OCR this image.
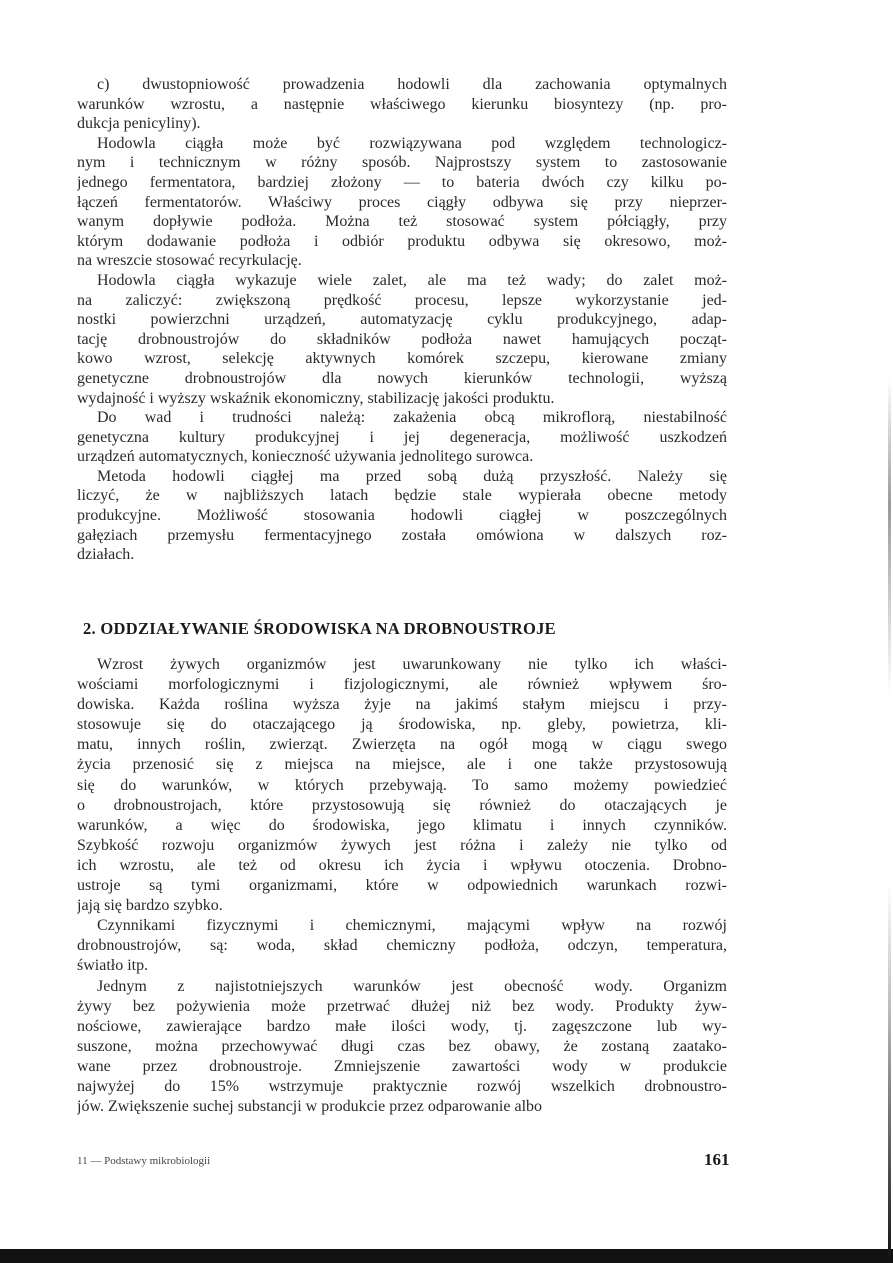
c) dwustopniowość prowadzenia hodowli dla zachowania optymalnych
warunków wzrostu, a następnie właściwego kierunku biosyntezy (np. pro-
dukcja penicyliny).
Hodowla ciągła może być rozwiązywana pod względem technologicz-
nym i technicznym w różny sposób. Najprostszy system to zastosowanie
jednego fermentatora, bardziej złożony — to bateria dwóch czy kilku po-
łączeń fermentatorów. Właściwy proces ciągły odbywa się przy nieprzer-
wanym dopływie podłoża. Można też stosować system półciągły, przy
którym dodawanie podłoża i odbiór produktu odbywa się okresowo, moż-
na wreszcie stosować recyrkulację.
Hodowla ciągła wykazuje wiele zalet, ale ma też wady; do zalet moż-
na zaliczyć: zwiększoną prędkość procesu, lepsze wykorzystanie jed-
nostki powierzchni urządzeń, automatyzację cyklu produkcyjnego, adap-
tację drobnoustrojów do składników podłoża nawet hamujących począt-
kowo wzrost, selekcję aktywnych komórek szczepu, kierowane zmiany
genetyczne drobnoustrojów dla nowych kierunków technologii, wyższą
wydajność i wyższy wskaźnik ekonomiczny, stabilizację jakości produktu.
Do wad i trudności należą: zakażenia obcą mikroflorą, niestabilność
genetyczna kultury produkcyjnej i jej degeneracja, możliwość uszkodzeń
urządzeń automatycznych, konieczność używania jednolitego surowca.
Metoda hodowli ciągłej ma przed sobą dużą przyszłość. Należy się
liczyć, że w najbliższych latach będzie stale wypierała obecne metody
produkcyjne. Możliwość stosowania hodowli ciągłej w poszczególnych
gałęziach przemysłu fermentacyjnego została omówiona w dalszych roz-
działach.
2. ODDZIAŁYWANIE ŚRODOWISKA NA DROBNOUSTROJE
Wzrost żywych organizmów jest uwarunkowany nie tylko ich właści-
wościami morfologicznymi i fizjologicznymi, ale również wpływem śro-
dowiska. Każda roślina wyższa żyje na jakimś stałym miejscu i przy-
stosowuje się do otaczającego ją środowiska, np. gleby, powietrza, kli-
matu, innych roślin, zwierząt. Zwierzęta na ogół mogą w ciągu swego
życia przenosić się z miejsca na miejsce, ale i one także przystosowują
się do warunków, w których przebywają. To samo możemy powiedzieć
o drobnoustrojach, które przystosowują się również do otaczających je
warunków, a więc do środowiska, jego klimatu i innych czynników.
Szybkość rozwoju organizmów żywych jest różna i zależy nie tylko od
ich wzrostu, ale też od okresu ich życia i wpływu otoczenia. Drobno-
ustroje są tymi organizmami, które w odpowiednich warunkach rozwi-
jają się bardzo szybko.
Czynnikami fizycznymi i chemicznymi, mającymi wpływ na rozwój
drobnoustrojów, są: woda, skład chemiczny podłoża, odczyn, temperatura,
światło itp.
Jednym z najistotniejszych warunków jest obecność wody. Organizm
żywy bez pożywienia może przetrwać dłużej niż bez wody. Produkty żyw-
nościowe, zawierające bardzo małe ilości wody, tj. zagęszczone lub wy-
suszone, można przechowywać długi czas bez obawy, że zostaną zaatako-
wane przez drobnoustroje. Zmniejszenie zawartości wody w produkcie
najwyżej do 15% wstrzymuje praktycznie rozwój wszelkich drobnoustro-
jów. Zwiększenie suchej substancji w produkcie przez odparowanie albo
11 — Podstawy mikrobiologii	161
